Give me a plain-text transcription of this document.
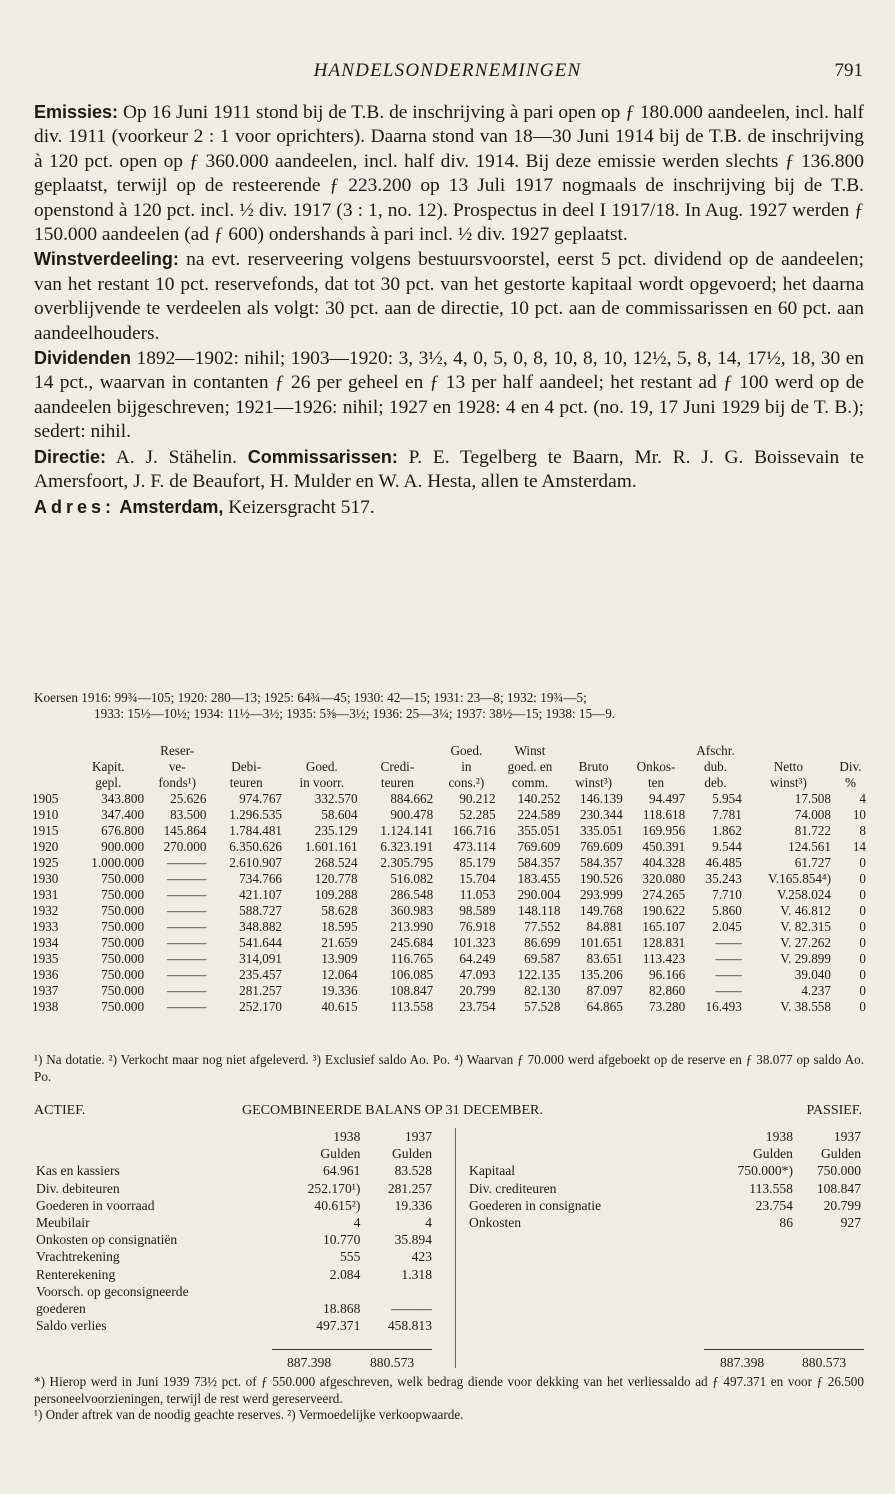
HANDELSONDERNEMINGEN	791

Emissies: Op 16 Juni 1911 stond bij de T.B. de inschrijving à pari open op ƒ 180.000 aandeelen, incl. half div. 1911 (voorkeur 2 : 1 voor oprichters). Daarna stond van 18—30 Juni 1914 bij de T.B. de inschrijving à 120 pct. open op ƒ 360.000 aandeelen, incl. half div. 1914. Bij deze emissie werden slechts ƒ 136.800 geplaatst, terwijl op de resteerende ƒ 223.200 op 13 Juli 1917 nogmaals de inschrijving bij de T.B. openstond à 120 pct. incl. ½ div. 1917 (3 : 1, no. 12). Prospectus in deel I 1917/18. In Aug. 1927 werden ƒ 150.000 aandeelen (ad ƒ 600) ondershands à pari incl. ½ div. 1927 geplaatst.

Winstverdeeling: na evt. reserveering volgens bestuursvoorstel, eerst 5 pct. dividend op de aandeelen; van het restant 10 pct. reservefonds, dat tot 30 pct. van het gestorte kapitaal wordt opgevoerd; het daarna overblijvende te verdeelen als volgt: 30 pct. aan de directie, 10 pct. aan de commissarissen en 60 pct. aan aandeelhouders.

Dividenden 1892—1902: nihil; 1903—1920: 3, 3½, 4, 0, 5, 0, 8, 10, 8, 10, 12½, 5, 8, 14, 17½, 18, 30 en 14 pct., waarvan in contanten ƒ 26 per geheel en ƒ 13 per half aandeel; het restant ad ƒ 100 werd op de aandeelen bijgeschreven; 1921—1926: nihil; 1927 en 1928: 4 en 4 pct. (no. 19, 17 Juni 1929 bij de T. B.); sedert: nihil.

Directie: A. J. Stähelin. Commissarissen: P. E. Tegelberg te Baarn, Mr. R. J. G. Boissevain te Amersfoort, J. F. de Beaufort, H. Mulder en W. A. Hesta, allen te Amsterdam.

Adres: Amsterdam, Keizersgracht 517.

Koersen 1916: 99¾—105; 1920: 280—13; 1925: 64¾—45; 1930: 42—15; 1931: 23—8; 1932: 19¾—5;
1933: 15½—10½; 1934: 11½—3½; 1935: 5⅝—3½; 1936: 25—3¼; 1937: 38½—15; 1938: 15—9.
		Reser-				Goed.	Winst			Afschr.		
	Kapit.	ve-	Debi-	Goed.	Credi-	in	goed. en	Bruto	Onkos-	dub.	Netto	Div.
	gepl.	fonds¹)	teuren	in voorr.	teuren	cons.²)	comm.	winst³)	ten	deb.	winst³)	%
1905	343.800	25.626	974.767	332.570	884.662	90.212	140.252	146.139	94.497	5.954	17.508	4
1910	347.400	83.500	1.296.535	58.604	900.478	52.285	224.589	230.344	118.618	7.781	74.008	10
1915	676.800	145.864	1.784.481	235.129	1.124.141	166.716	355.051	335.051	169.956	1.862	81.722	8
1920	900.000	270.000	6.350.626	1.601.161	6.323.191	473.114	769.609	769.609	450.391	9.544	124.561	14
1925	1.000.000	———	2.610.907	268.524	2.305.795	85.179	584.357	584.357	404.328	46.485	61.727	0
1930	750.000	———	734.766	120.778	516.082	15.704	183.455	190.526	320.080	35.243	V.165.854⁴)	0
1931	750.000	———	421.107	109.288	286.548	11.053	290.004	293.999	274.265	7.710	V.258.024	0
1932	750.000	———	588.727	58.628	360.983	98.589	148.118	149.768	190.622	5.860	V. 46.812	0
1933	750.000	———	348.882	18.595	213.990	76.918	77.552	84.881	165.107	2.045	V. 82.315	0
1934	750.000	———	541.644	21.659	245.684	101.323	86.699	101.651	128.831	——	V. 27.262	0
1935	750.000	———	314,091	13.909	116.765	64.249	69.587	83.651	113.423	——	V. 29.899	0
1936	750.000	———	235.457	12.064	106.085	47.093	122.135	135.206	96.166	——	39.040	0
1937	750.000	———	281.257	19.336	108.847	20.799	82.130	87.097	82.860	——	4.237	0
1938	750.000	———	252.170	40.615	113.558	23.754	57.528	64.865	73.280	16.493	V. 38.558	0
¹) Na dotatie. ²) Verkocht maar nog niet afgeleverd. ³) Exclusief saldo Ao. Po. ⁴) Waarvan ƒ 70.000 werd afgeboekt op de reserve en ƒ 38.077 op saldo Ao. Po.
ACTIEF.	GECOMBINEERDE BALANS OP 31 DECEMBER.	PASSIEF.
	1938	1937
	Gulden	Gulden
Kas en kassiers	64.961	83.528
Div. debiteuren	252.170¹)	281.257
Goederen in voorraad	40.615²)	19.336
Meubilair	4	4
Onkosten op consignatiën	10.770	35.894
Vrachtrekening	555	423
Renterekening	2.084	1.318
Voorsch. op geconsigneerde		
goederen	18.868	———
Saldo verlies	497.371	458.813
	1938	1937
	Gulden	Gulden
Kapitaal	750.000*)	750.000
Div. crediteuren	113.558	108.847
Goederen in consignatie	23.754	20.799
Onkosten	86	927
887.398	880.573	887.398	880.573
*) Hierop werd in Juni 1939 73½ pct. of ƒ 550.000 afgeschreven, welk bedrag diende voor dekking van het verliessaldo ad ƒ 497.371 en voor ƒ 26.500 personeelvoorzieningen, terwijl de rest werd gereserveerd.
¹) Onder aftrek van de noodig geachte reserves. ²) Vermoedelijke verkoopwaarde.
